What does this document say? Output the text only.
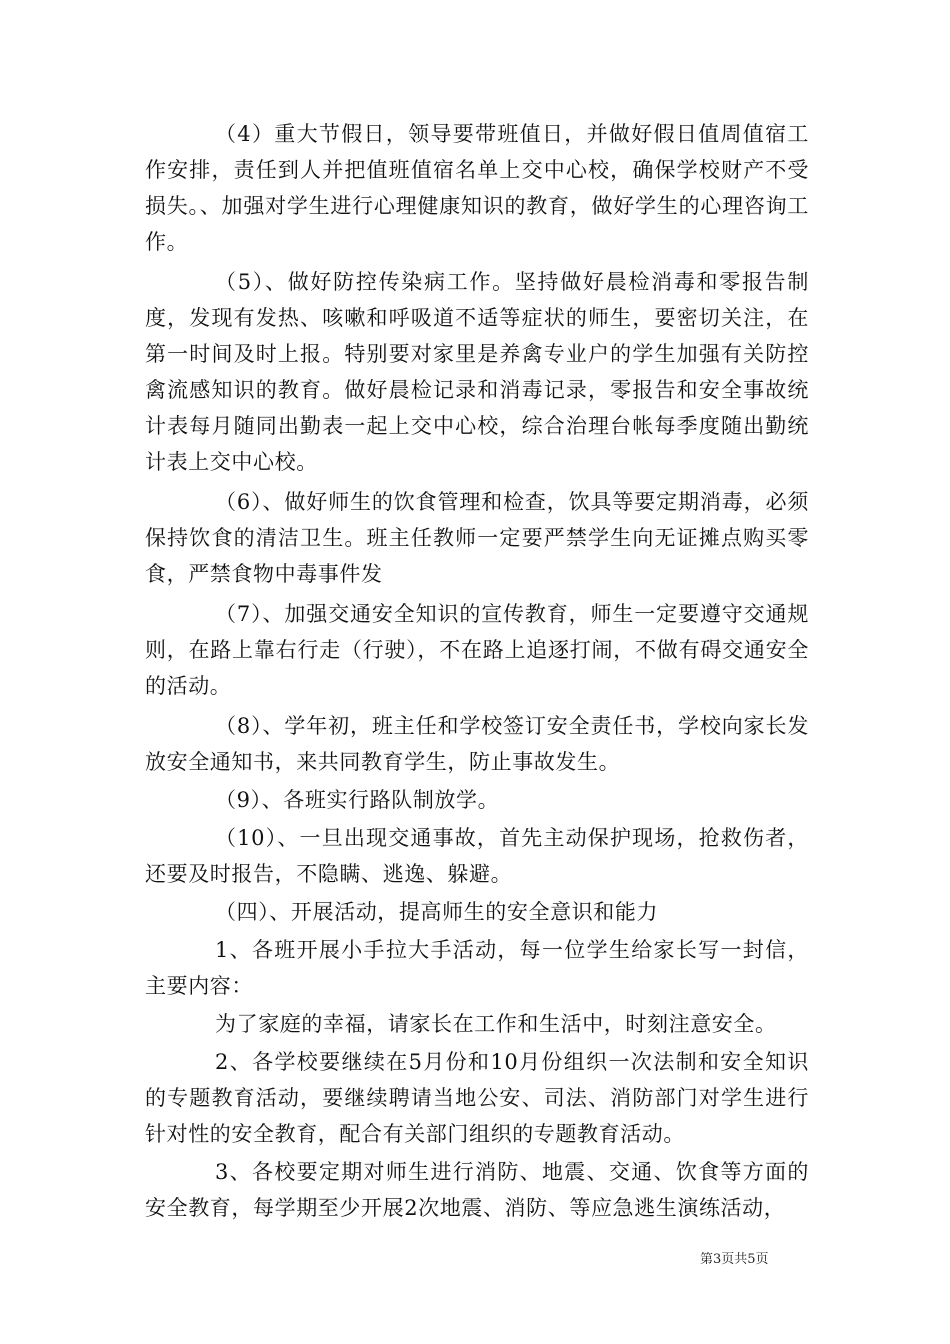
（4）重大节假日，领导要带班值日，并做好假日值周值宿工作安排，责任到人并把值班值宿名单上交中心校，确保学校财产不受损失。、加强对学生进行心理健康知识的教育，做好学生的心理咨询工作。

（5）、做好防控传染病工作。坚持做好晨检消毒和零报告制度，发现有发热、咳嗽和呼吸道不适等症状的师生，要密切关注，在第一时间及时上报。特别要对家里是养禽专业户的学生加强有关防控禽流感知识的教育。做好晨检记录和消毒记录，零报告和安全事故统计表每月随同出勤表一起上交中心校，综合治理台帐每季度随出勤统计表上交中心校。

（6）、做好师生的饮食管理和检查，饮具等要定期消毒，必须保持饮食的清洁卫生。班主任教师一定要严禁学生向无证摊点购买零食，严禁食物中毒事件发

（7）、加强交通安全知识的宣传教育，师生一定要遵守交通规则，在路上靠右行走（行驶），不在路上追逐打闹，不做有碍交通安全的活动。

（8）、学年初，班主任和学校签订安全责任书，学校向家长发放安全通知书，来共同教育学生，防止事故发生。

（9）、各班实行路队制放学。

（10）、一旦出现交通事故，首先主动保护现场，抢救伤者，还要及时报告，不隐瞒、逃逸、躲避。

（四）、开展活动，提高师生的安全意识和能力

1、各班开展小手拉大手活动，每一位学生给家长写一封信，主要内容：

为了家庭的幸福，请家长在工作和生活中，时刻注意安全。

2、各学校要继续在5月份和10月份组织一次法制和安全知识的专题教育活动，要继续聘请当地公安、司法、消防部门对学生进行针对性的安全教育，配合有关部门组织的专题教育活动。

3、各校要定期对师生进行消防、地震、交通、饮食等方面的安全教育，每学期至少开展2次地震、消防、等应急逃生演练活动，

第3页共5页
